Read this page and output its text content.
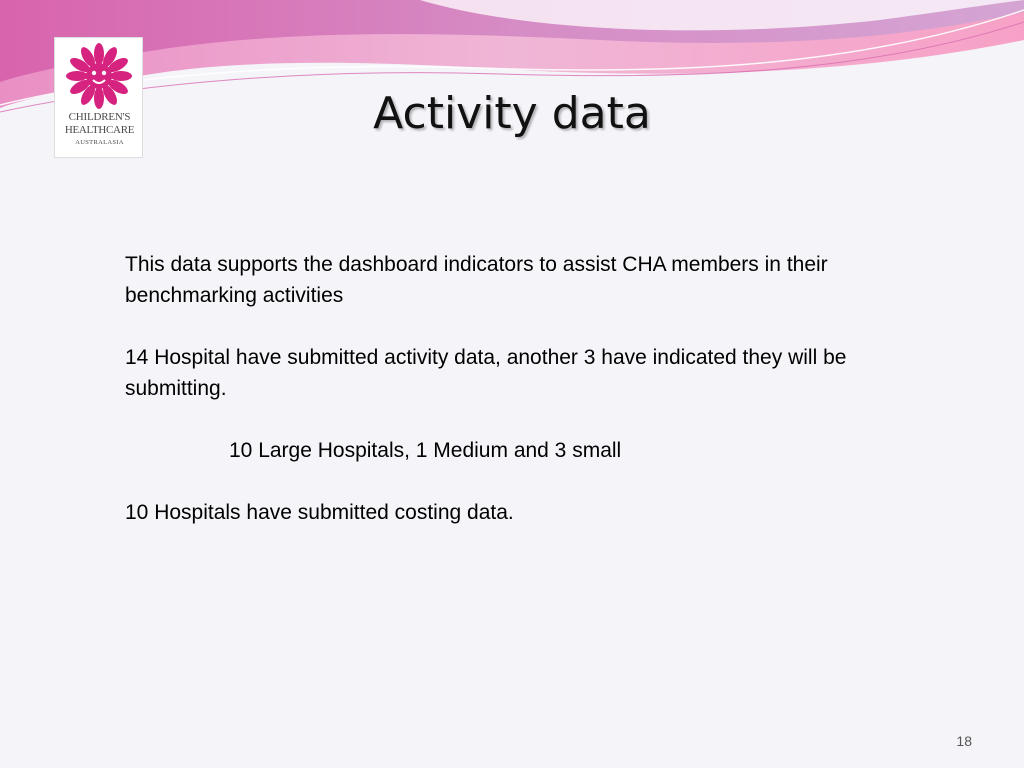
CHILDREN'S
HEALTHCARE
AUSTRALASIA
Activity data

This data supports the dashboard indicators to assist CHA members in their benchmarking activities

14 Hospital have submitted activity data, another 3 have indicated they will be submitting.

10 Large Hospitals, 1 Medium and 3 small

10 Hospitals have submitted costing data.

18
